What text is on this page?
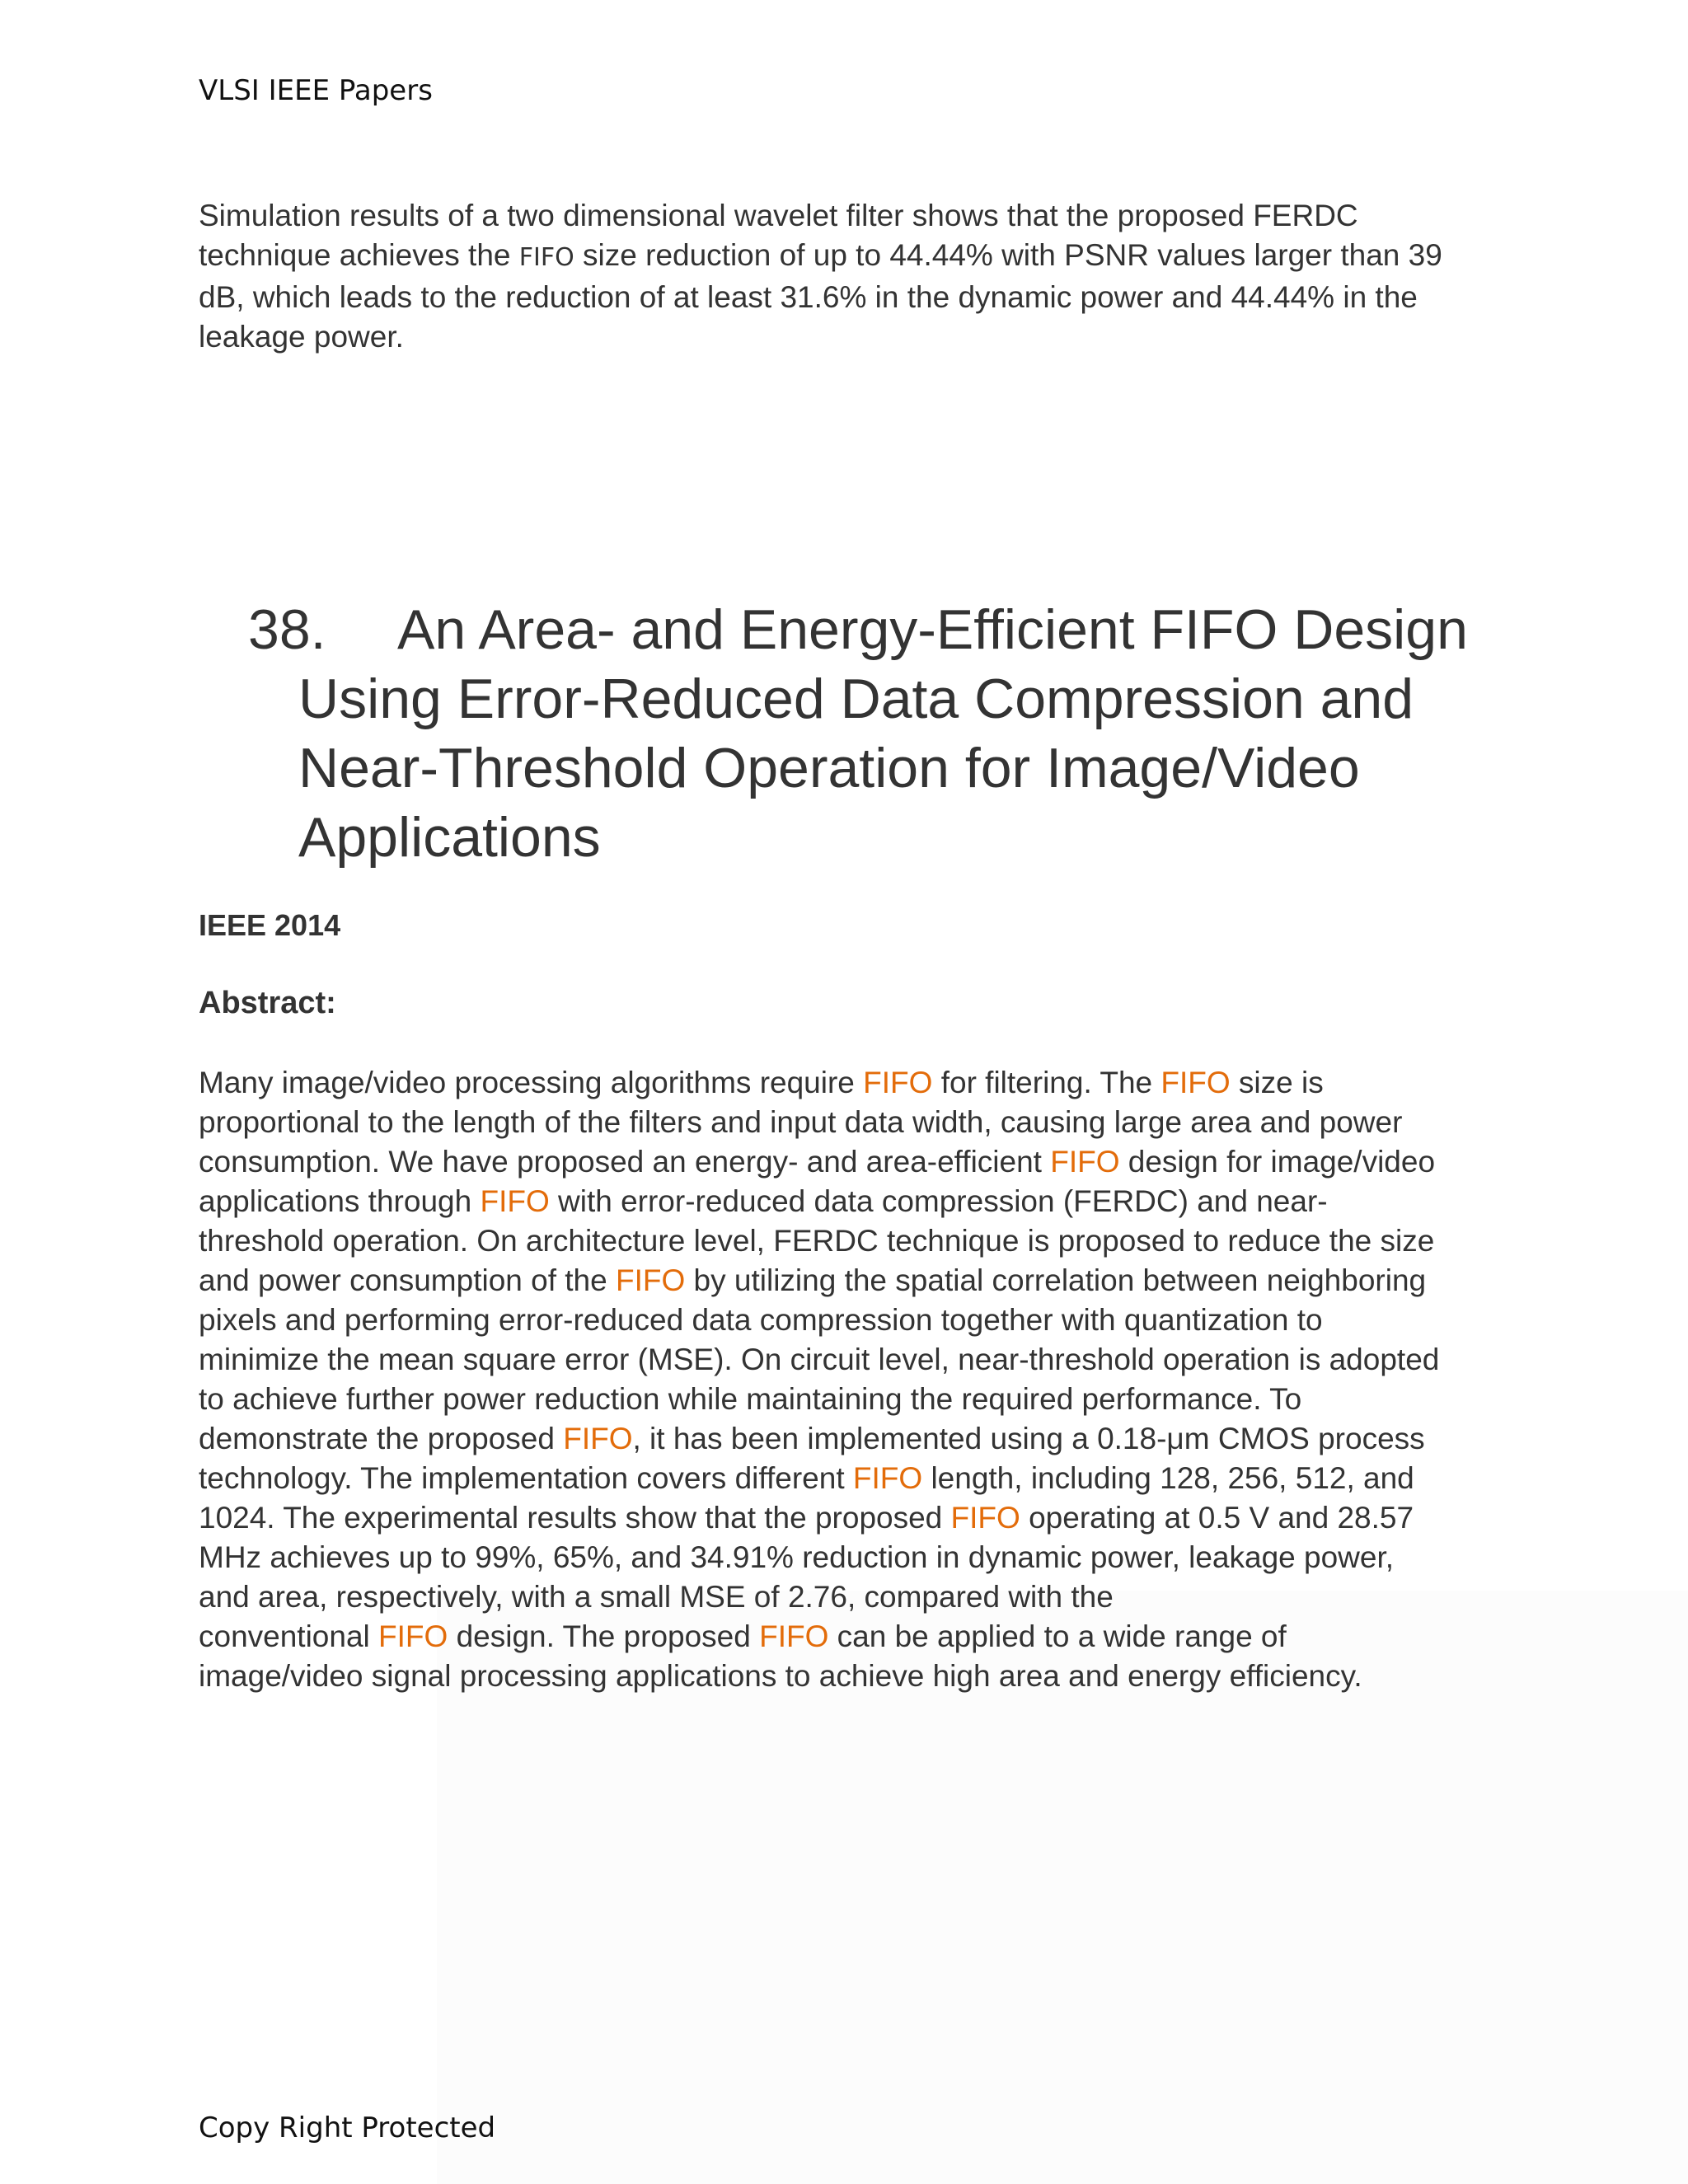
VLSI IEEE Papers
Simulation results of a two dimensional wavelet filter shows that the proposed FERDC
technique achieves the FIFO size reduction of up to 44.44% with PSNR values larger than 39
dB, which leads to the reduction of at least 31.6% in the dynamic power and 44.44% in the
leakage power.
38. An Area- and Energy-Efficient FIFO Design
Using Error-Reduced Data Compression and
Near-Threshold Operation for Image/Video
Applications
IEEE 2014
Abstract:
Many image/video processing algorithms require FIFO for filtering. The FIFO size is
proportional to the length of the filters and input data width, causing large area and power
consumption. We have proposed an energy- and area-efficient FIFO design for image/video
applications through FIFO with error-reduced data compression (FERDC) and near-
threshold operation. On architecture level, FERDC technique is proposed to reduce the size
and power consumption of the FIFO by utilizing the spatial correlation between neighboring
pixels and performing error-reduced data compression together with quantization to
minimize the mean square error (MSE). On circuit level, near-threshold operation is adopted
to achieve further power reduction while maintaining the required performance. To
demonstrate the proposed FIFO, it has been implemented using a 0.18-μm CMOS process
technology. The implementation covers different FIFO length, including 128, 256, 512, and
1024. The experimental results show that the proposed FIFO operating at 0.5 V and 28.57
MHz achieves up to 99%, 65%, and 34.91% reduction in dynamic power, leakage power,
and area, respectively, with a small MSE of 2.76, compared with the
conventional FIFO design. The proposed FIFO can be applied to a wide range of
image/video signal processing applications to achieve high area and energy efficiency.
Copy Right Protected
